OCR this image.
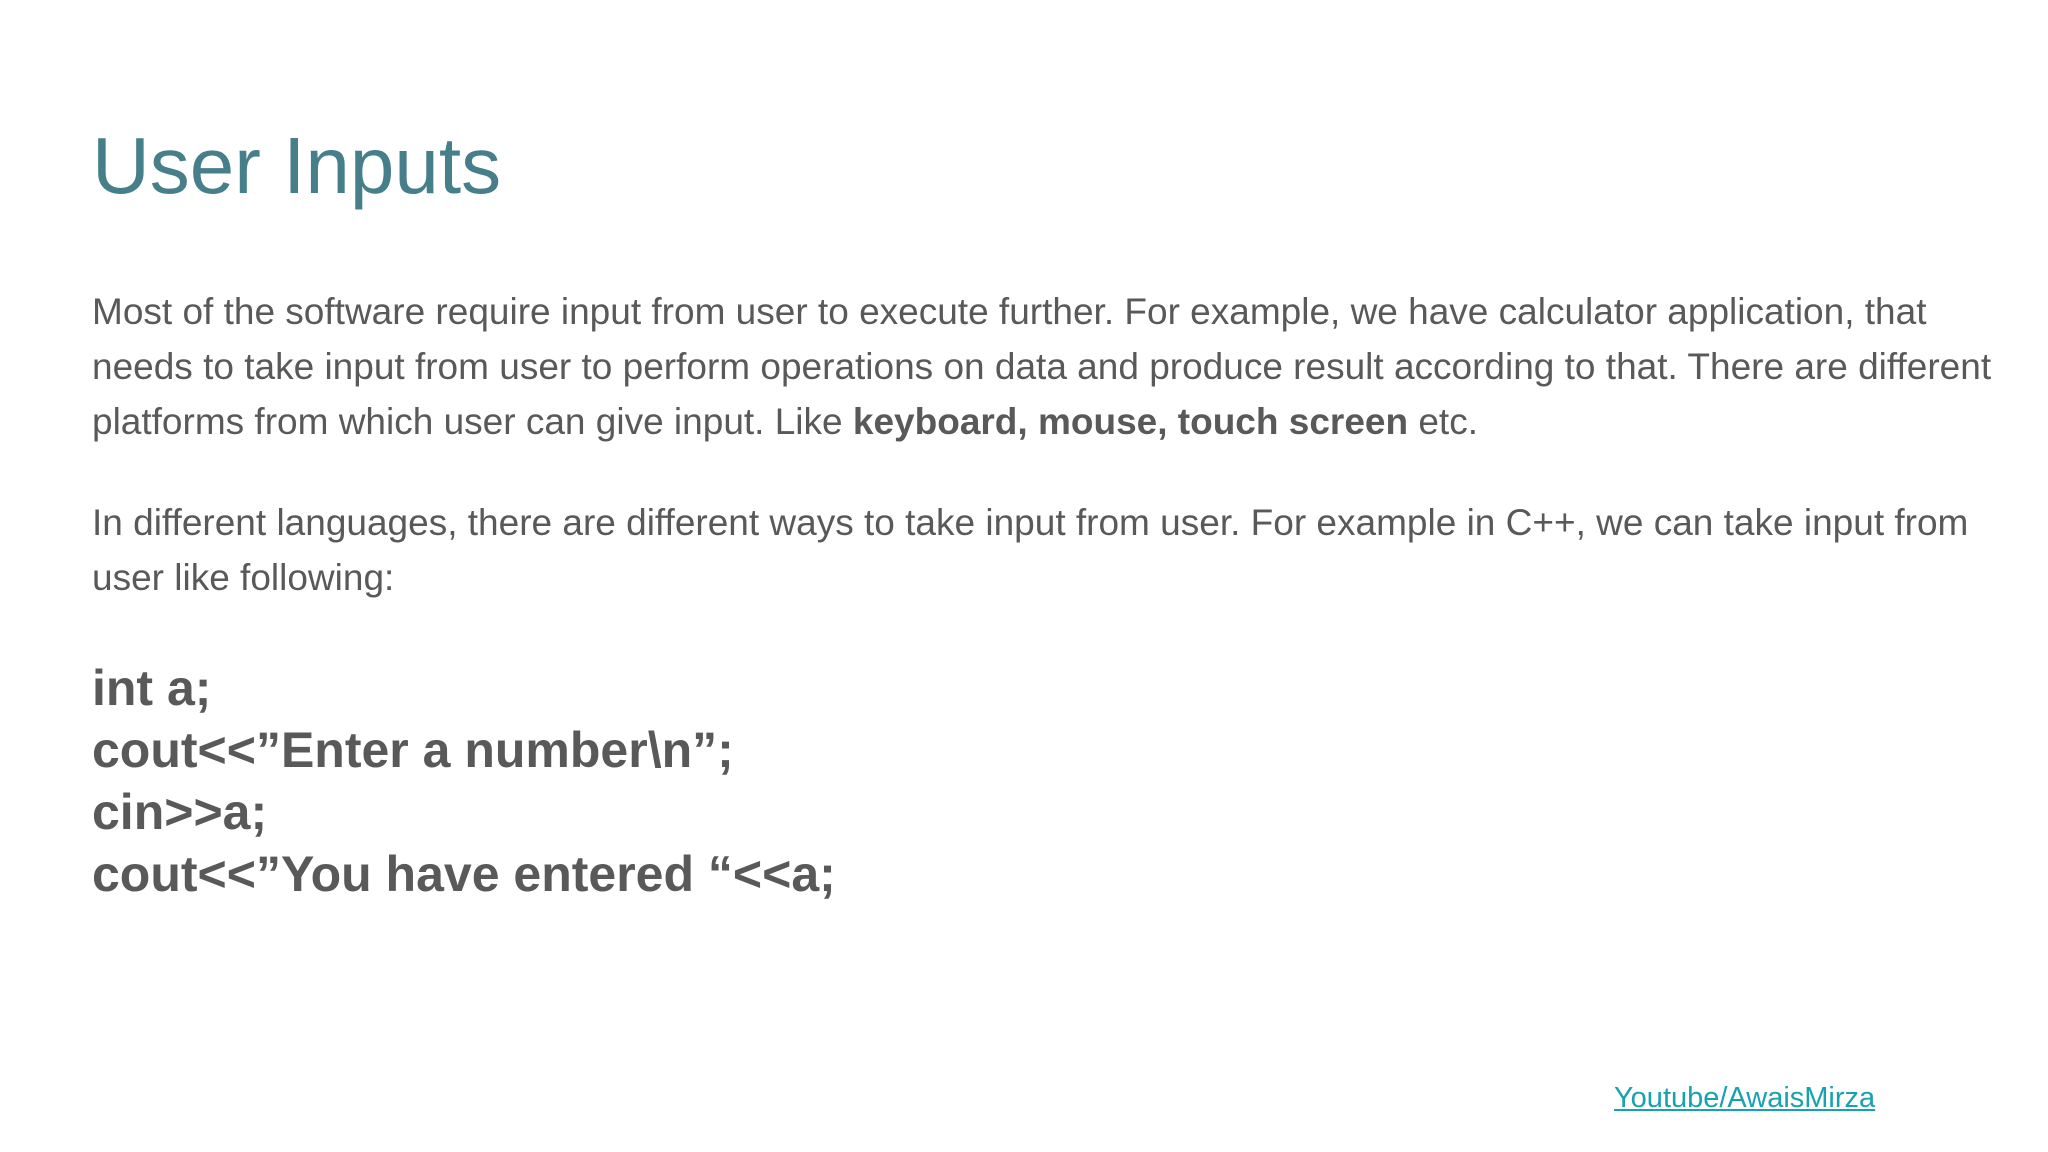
User Inputs

Most of the software require input from user to execute further. For example, we have calculator application, that needs to take input from user to perform operations on data and produce result according to that. There are different platforms from which user can give input. Like keyboard, mouse, touch screen etc.

In different languages, there are different ways to take input from user. For example in C++, we can take input from user like following:

int a;
cout<<”Enter a number\n”;
cin>>a;
cout<<”You have entered “<<a;
Youtube/AwaisMirza
